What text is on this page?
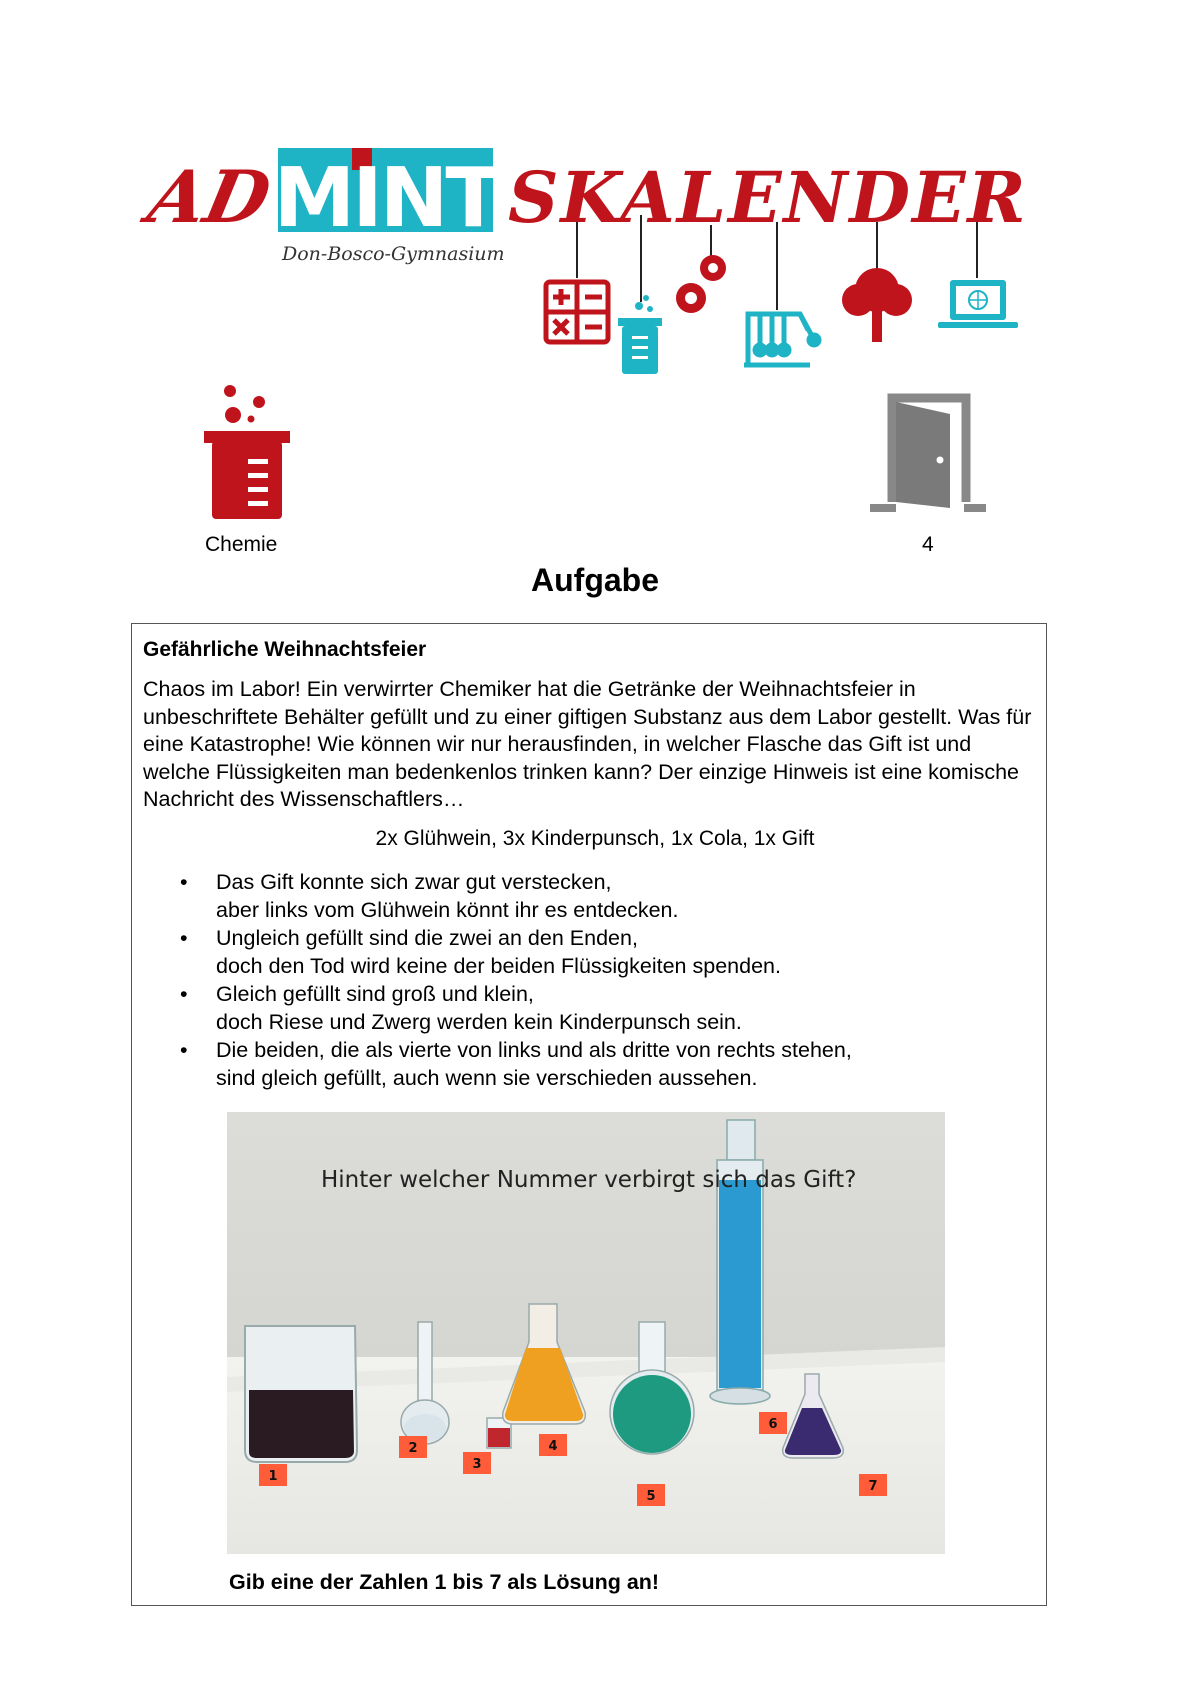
AD
MINT SKALENDER
Don-Bosco-Gymnasium
Chemie	4
Aufgabe
Gefährliche Weihnachtsfeier
Chaos im Labor! Ein verwirrter Chemiker hat die Getränke der Weihnachtsfeier in unbeschriftete Behälter gefüllt und zu einer giftigen Substanz aus dem Labor gestellt. Was für eine Katastrophe! Wie können wir nur herausfinden, in welcher Flasche das Gift ist und welche Flüssigkeiten man bedenkenlos trinken kann? Der einzige Hinweis ist eine komische Nachricht des Wissenschaftlers…
2x Glühwein, 3x Kinderpunsch, 1x Cola, 1x Gift
• Das Gift konnte sich zwar gut verstecken,
aber links vom Glühwein könnt ihr es entdecken.
• Ungleich gefüllt sind die zwei an den Enden,
doch den Tod wird keine der beiden Flüssigkeiten spenden.
• Gleich gefüllt sind groß und klein,
doch Riese und Zwerg werden kein Kinderpunsch sein.
• Die beiden, die als vierte von links und als dritte von rechts stehen,
sind gleich gefüllt, auch wenn sie verschieden aussehen.
1
2
3
4
5
6
7
Hinter welcher Nummer verbirgt sich das Gift?
Gib eine der Zahlen 1 bis 7 als Lösung an!
